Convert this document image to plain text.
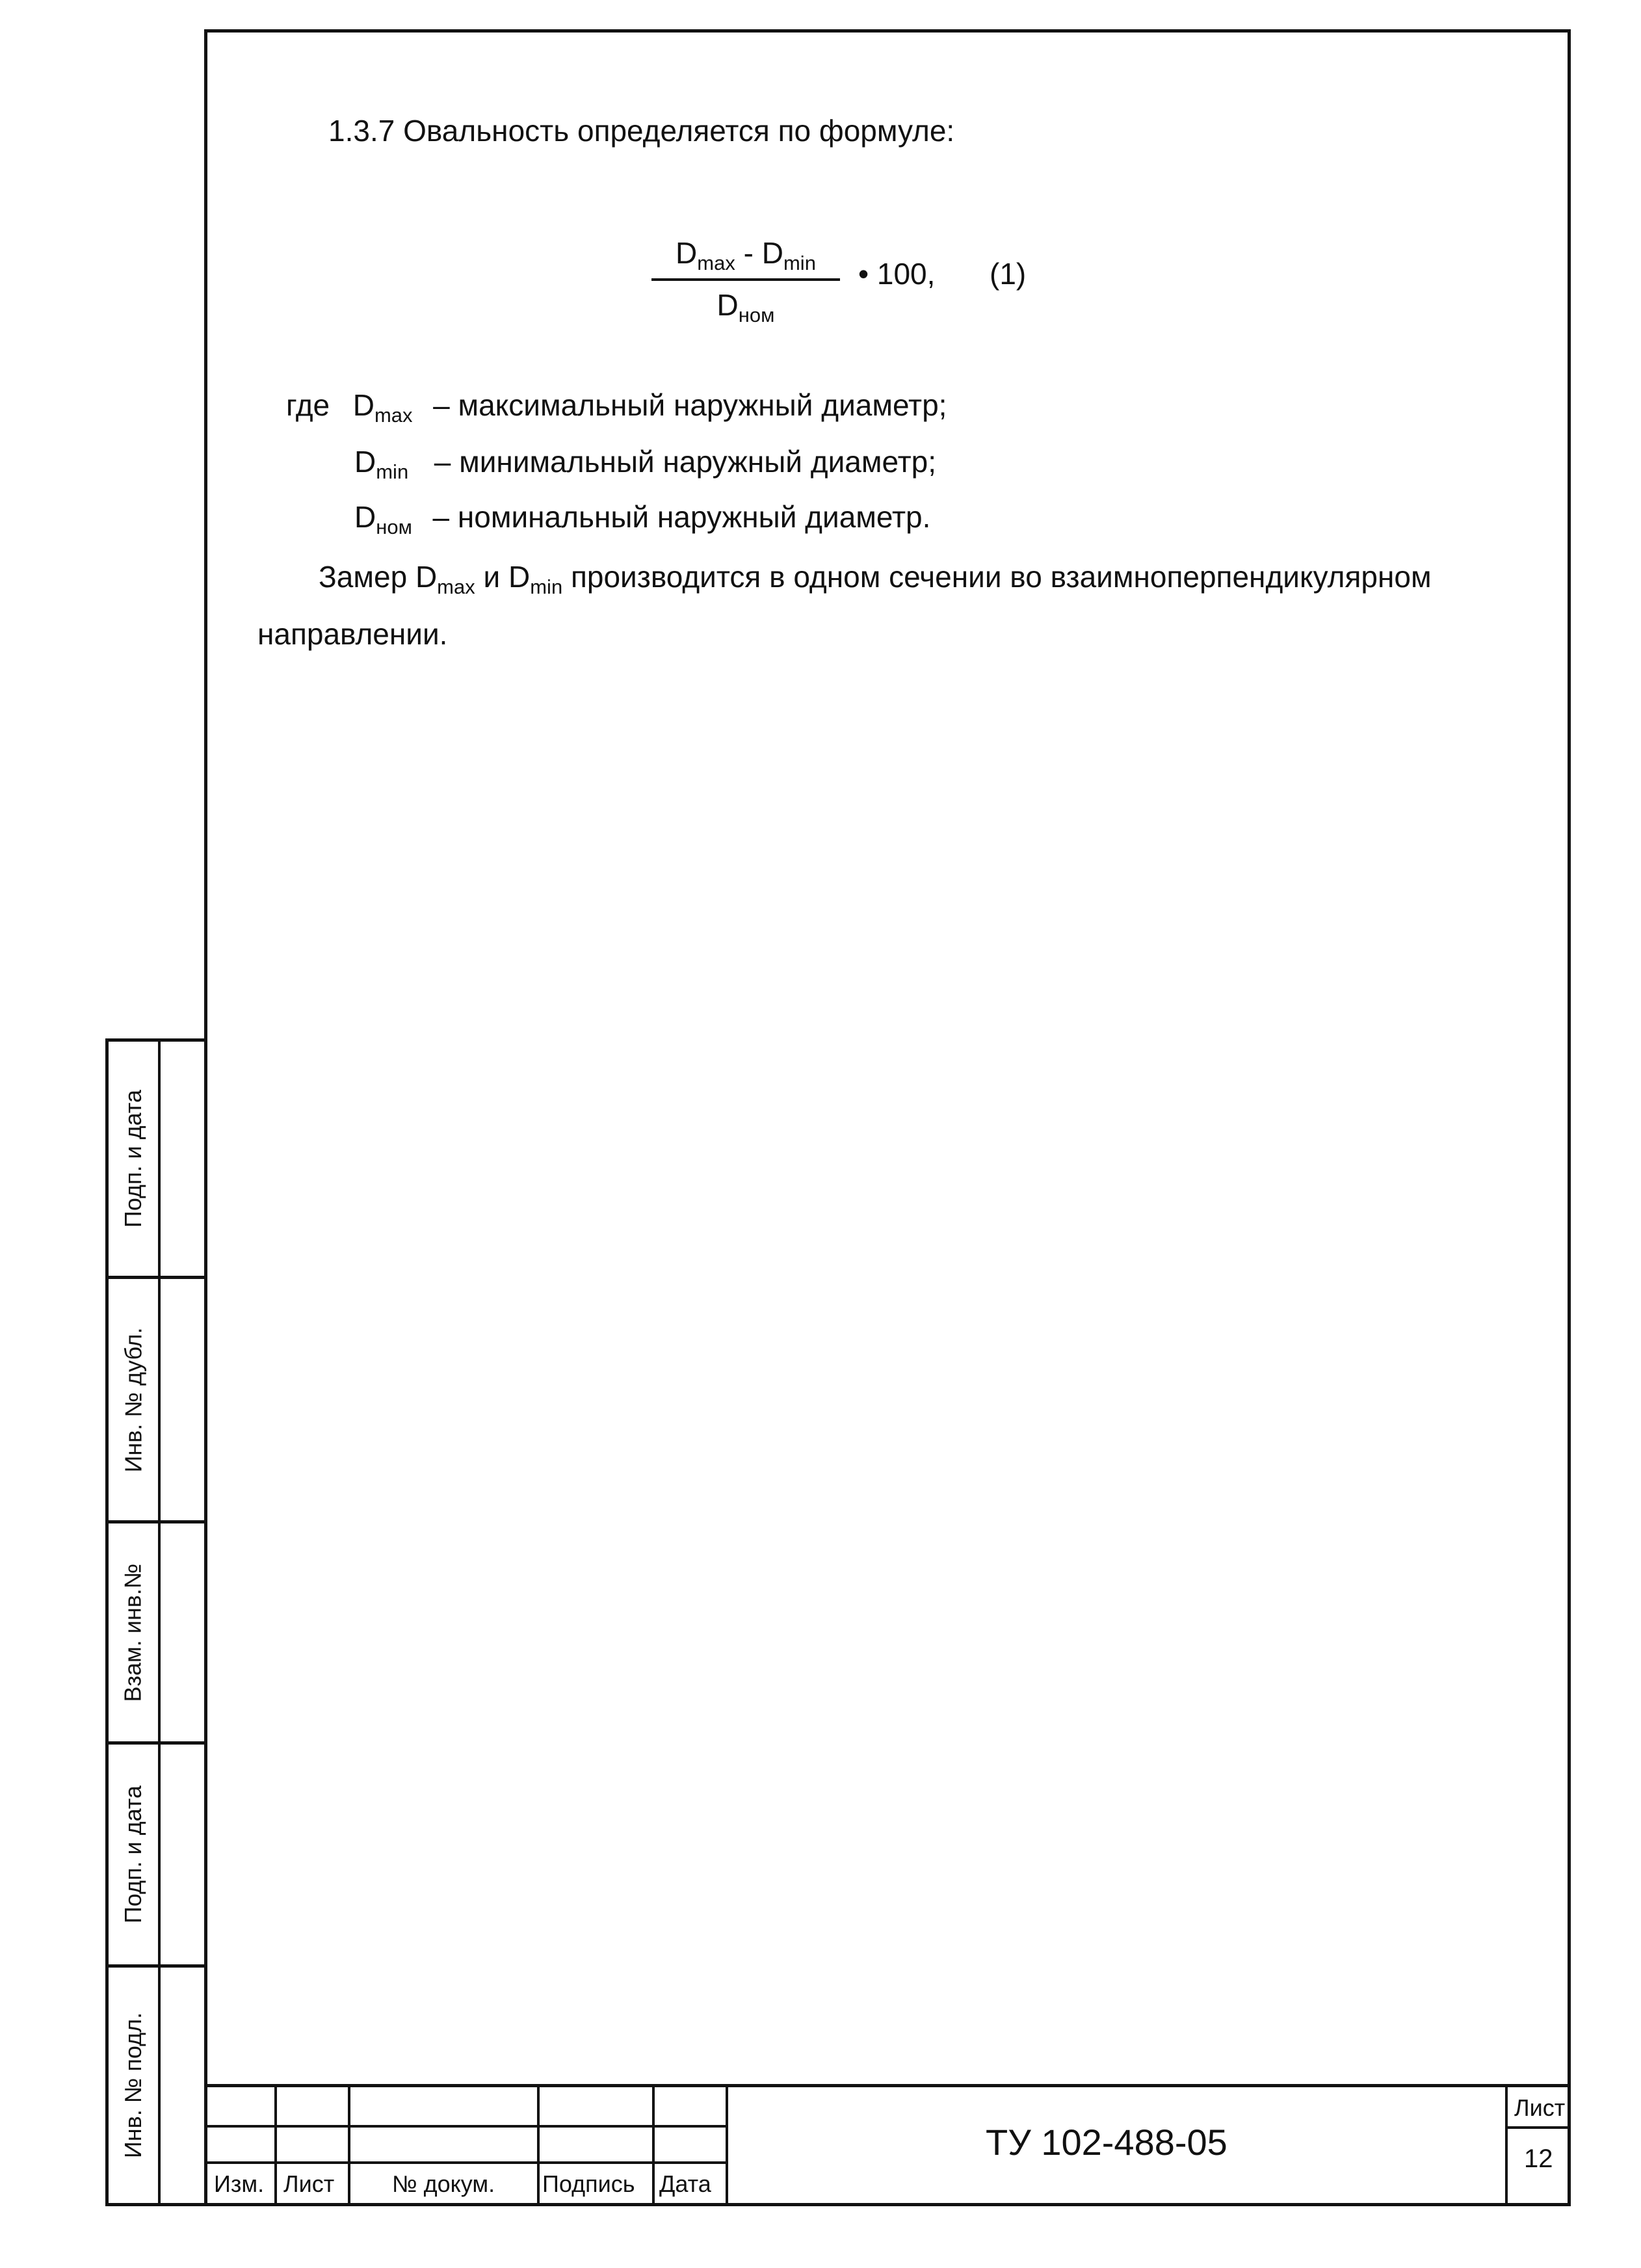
1.3.7 Овальность определяется по формуле:
$D_{max} - D_{min}$
$D_{ном}$
• 100, (1)
где $D_{max}$ – максимальный наружный диаметр;
$D_{min}$ – минимальный наружный диаметр;
$D_{ном}$ – номинальный наружный диаметр.
Замер $D_{max}$ и $D_{min}$ производится в одном сечении во взаимноперпендикулярном
направлении.
Подп. и дата
Инв. № дубл.
Взам. инв.№
Подп. и дата
Инв. № подл.
Изм. Лист № докум. Подпись Дата
ТУ 102-488-05
Лист
12
